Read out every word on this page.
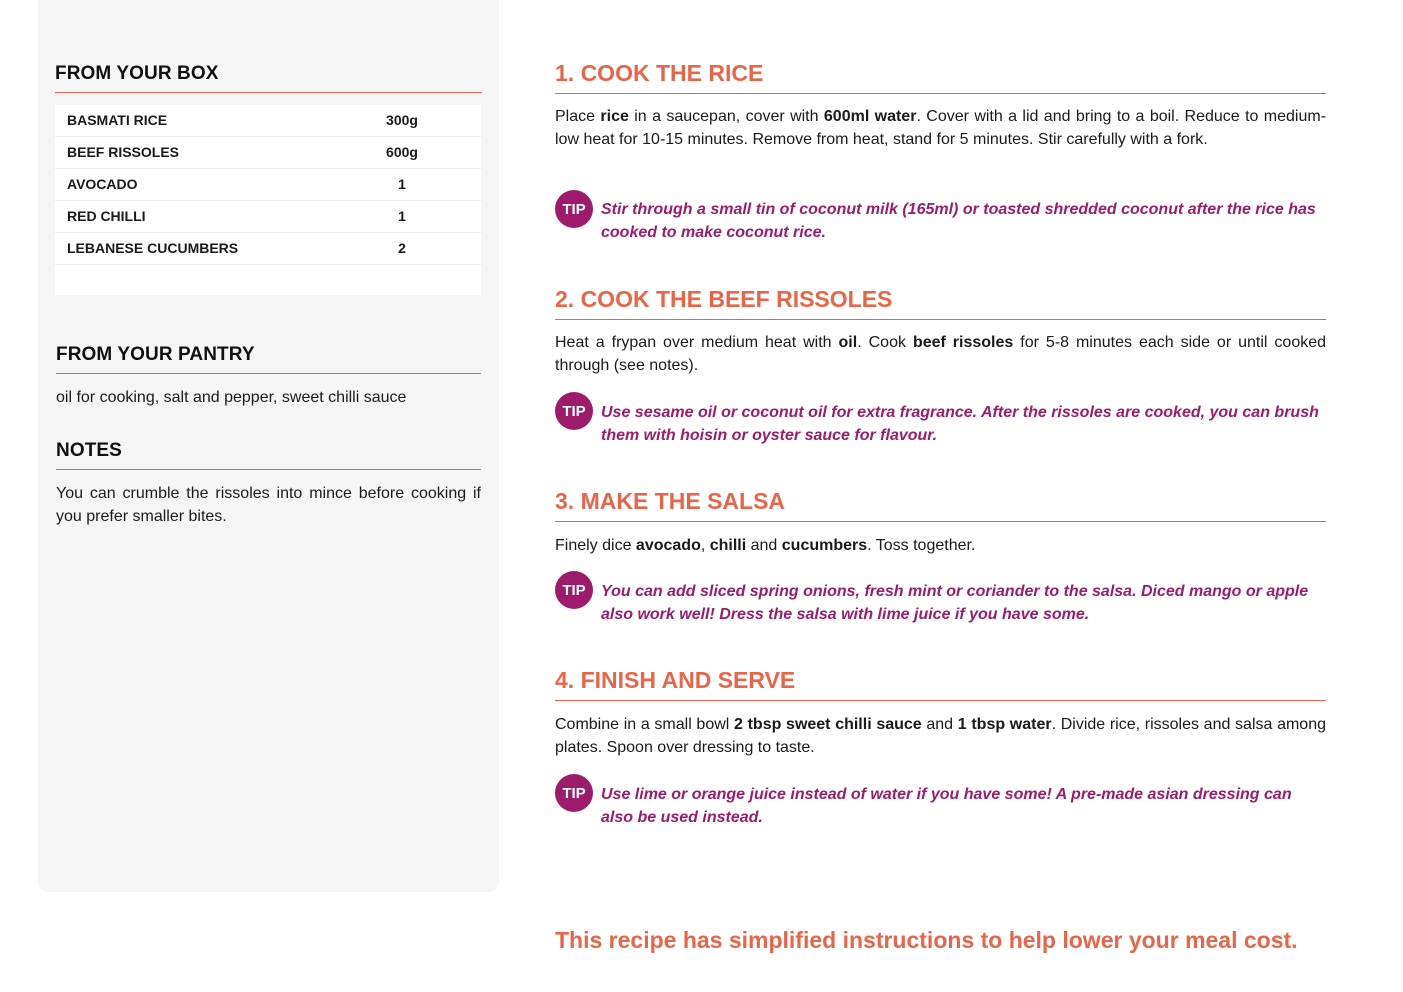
FROM YOUR BOX
BASMATI RICE	300g
BEEF RISSOLES	600g
AVOCADO	1
RED CHILLI	1
LEBANESE CUCUMBERS	2
FROM YOUR PANTRY
oil for cooking, salt and pepper, sweet chilli sauce
NOTES
You can crumble the rissoles into mince before cooking if you prefer smaller bites.
1. COOK THE RICE
Place rice in a saucepan, cover with 600ml water. Cover with a lid and bring to a boil. Reduce to medium-low heat for 10-15 minutes. Remove from heat, stand for 5 minutes. Stir carefully with a fork.
TIP Stir through a small tin of coconut milk (165ml) or toasted shredded coconut after the rice has cooked to make coconut rice.
2. COOK THE BEEF RISSOLES
Heat a frypan over medium heat with oil. Cook beef rissoles for 5-8 minutes each side or until cooked through (see notes).
TIP Use sesame oil or coconut oil for extra fragrance. After the rissoles are cooked, you can brush them with hoisin or oyster sauce for flavour.
3. MAKE THE SALSA
Finely dice avocado, chilli and cucumbers. Toss together.
TIP You can add sliced spring onions, fresh mint or coriander to the salsa. Diced mango or apple also work well! Dress the salsa with lime juice if you have some.
4. FINISH AND SERVE
Combine in a small bowl 2 tbsp sweet chilli sauce and 1 tbsp water. Divide rice, rissoles and salsa among plates. Spoon over dressing to taste.
TIP Use lime or orange juice instead of water if you have some! A pre-made asian dressing can also be used instead.
This recipe has simplified instructions to help lower your meal cost.
